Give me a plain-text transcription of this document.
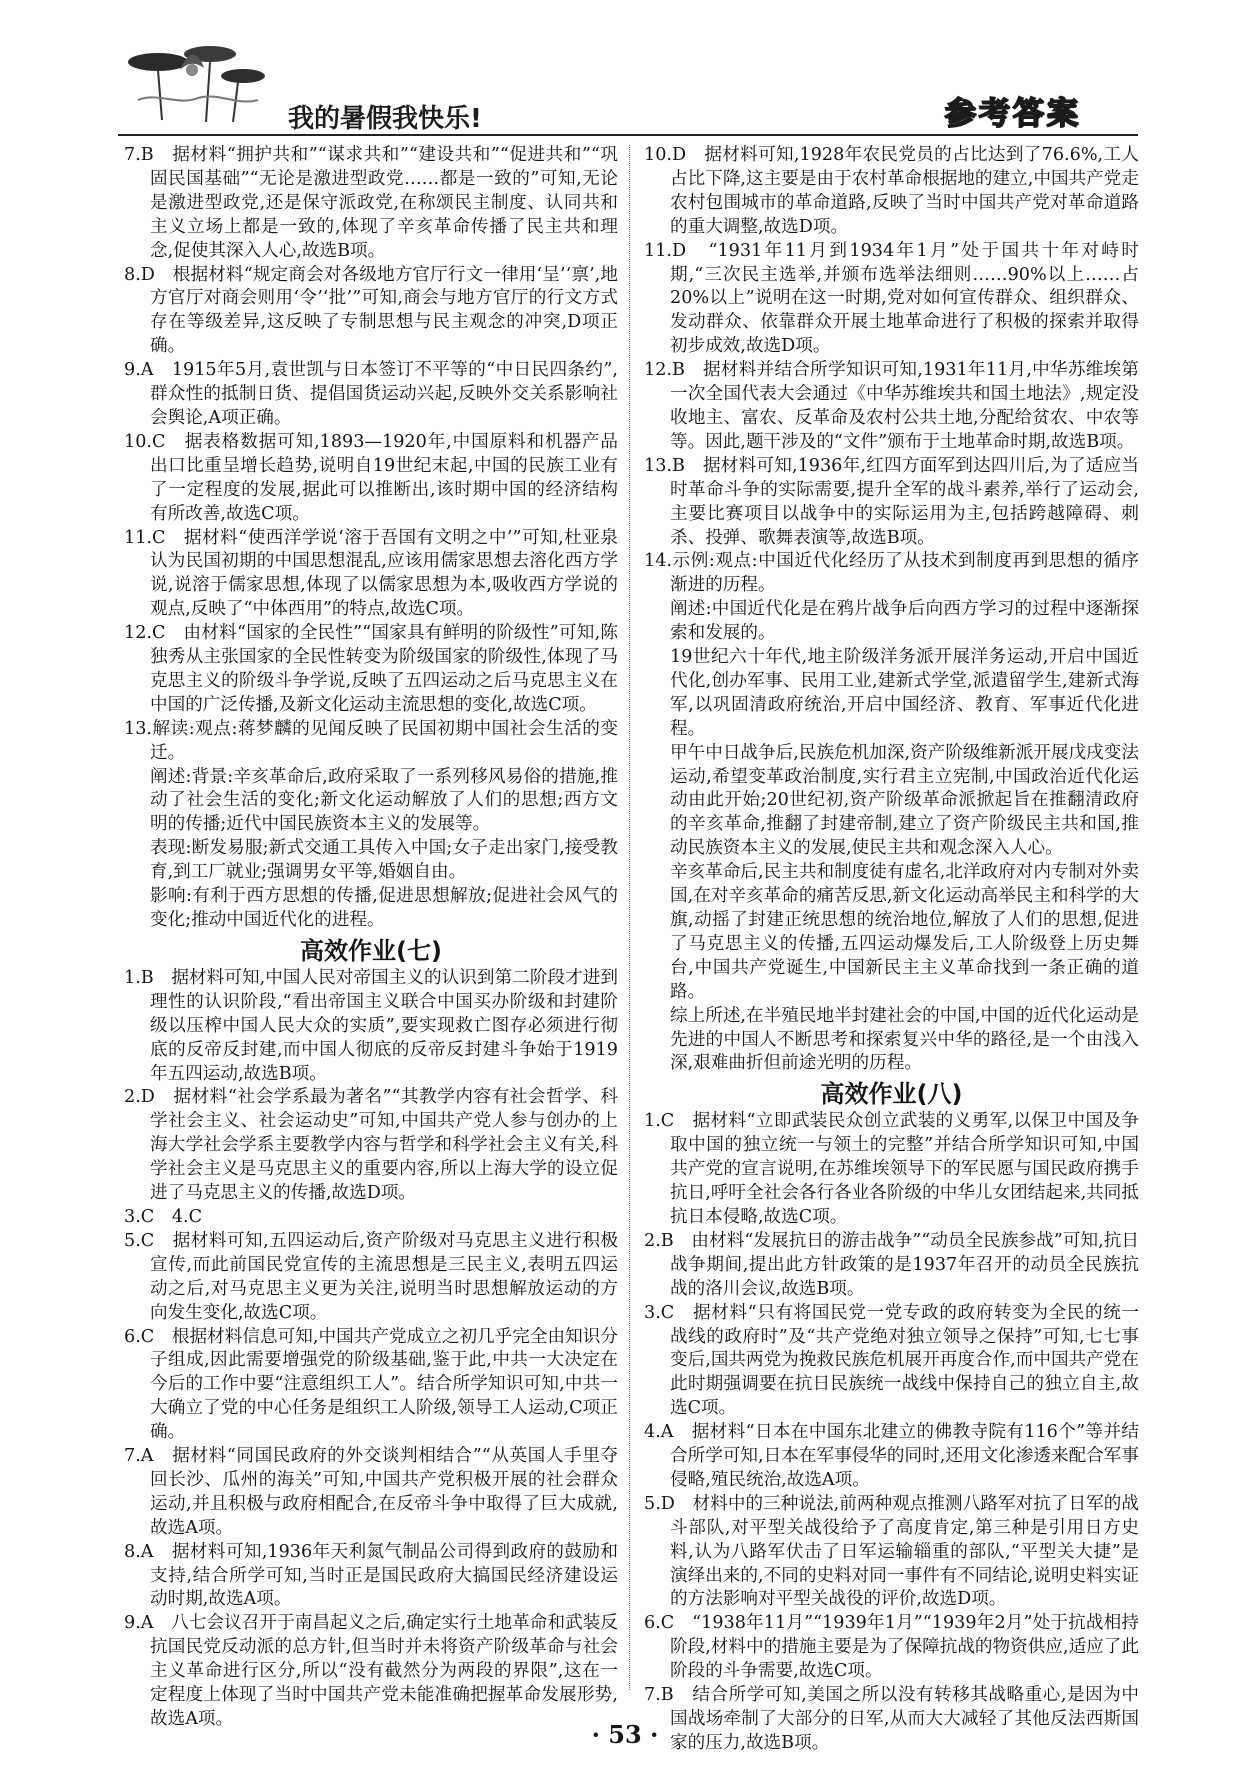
我的暑假我快乐!	参考答案

7.B　据材料“拥护共和”“谋求共和”“建设共和”“促进共和”“巩固民国基础”“无论是激进型政党……都是一致的”可知,无论是激进型政党,还是保守派政党,在称颂民主制度、认同共和主义立场上都是一致的,体现了辛亥革命传播了民主共和理念,促使其深入人心,故选B项。

8.D　根据材料“规定商会对各级地方官厅行文一律用‘呈’‘禀’,地方官厅对商会则用‘令’‘批’”可知,商会与地方官厅的行文方式存在等级差异,这反映了专制思想与民主观念的冲突,D项正确。

9.A　1915年5月,袁世凯与日本签订不平等的“中日民四条约”,群众性的抵制日货、提倡国货运动兴起,反映外交关系影响社会舆论,A项正确。

10.C　据表格数据可知,1893—1920年,中国原料和机器产品出口比重呈增长趋势,说明自19世纪末起,中国的民族工业有了一定程度的发展,据此可以推断出,该时期中国的经济结构有所改善,故选C项。

11.C　据材料“使西洋学说‘溶于吾国有文明之中’”可知,杜亚泉认为民国初期的中国思想混乱,应该用儒家思想去溶化西方学说,说溶于儒家思想,体现了以儒家思想为本,吸收西方学说的观点,反映了“中体西用”的特点,故选C项。

12.C　由材料“国家的全民性”“国家具有鲜明的阶级性”可知,陈独秀从主张国家的全民性转变为阶级国家的阶级性,体现了马克思主义的阶级斗争学说,反映了五四运动之后马克思主义在中国的广泛传播,及新文化运动主流思想的变化,故选C项。

13.解读:观点:蒋梦麟的见闻反映了民国初期中国社会生活的变迁。

阐述:背景:辛亥革命后,政府采取了一系列移风易俗的措施,推动了社会生活的变化;新文化运动解放了人们的思想;西方文明的传播;近代中国民族资本主义的发展等。

表现:断发易服;新式交通工具传入中国;女子走出家门,接受教育,到工厂就业;强调男女平等,婚姻自由。

影响:有利于西方思想的传播,促进思想解放;促进社会风气的变化;推动中国近代化的进程。

高效作业(七)

1.B　据材料可知,中国人民对帝国主义的认识到第二阶段才进到理性的认识阶段,“看出帝国主义联合中国买办阶级和封建阶级以压榨中国人民大众的实质”,要实现救亡图存必须进行彻底的反帝反封建,而中国人彻底的反帝反封建斗争始于1919年五四运动,故选B项。

2.D　据材料“社会学系最为著名”“其教学内容有社会哲学、科学社会主义、社会运动史”可知,中国共产党人参与创办的上海大学社会学系主要教学内容与哲学和科学社会主义有关,科学社会主义是马克思主义的重要内容,所以上海大学的设立促进了马克思主义的传播,故选D项。

3.C　4.C

5.C　据材料可知,五四运动后,资产阶级对马克思主义进行积极宣传,而此前国民党宣传的主流思想是三民主义,表明五四运动之后,对马克思主义更为关注,说明当时思想解放运动的方向发生变化,故选C项。

6.C　根据材料信息可知,中国共产党成立之初几乎完全由知识分子组成,因此需要增强党的阶级基础,鉴于此,中共一大决定在今后的工作中要“注意组织工人”。结合所学知识可知,中共一大确立了党的中心任务是组织工人阶级,领导工人运动,C项正确。

7.A　据材料“同国民政府的外交谈判相结合”“从英国人手里夺回长沙、瓜州的海关”可知,中国共产党积极开展的社会群众运动,并且积极与政府相配合,在反帝斗争中取得了巨大成就,故选A项。

8.A　据材料可知,1936年天利氮气制品公司得到政府的鼓励和支持,结合所学可知,当时正是国民政府大搞国民经济建设运动时期,故选A项。

9.A　八七会议召开于南昌起义之后,确定实行土地革命和武装反抗国民党反动派的总方针,但当时并未将资产阶级革命与社会主义革命进行区分,所以“没有截然分为两段的界限”,这在一定程度上体现了当时中国共产党未能准确把握革命发展形势,故选A项。

10.D　据材料可知,1928年农民党员的占比达到了76.6%,工人占比下降,这主要是由于农村革命根据地的建立,中国共产党走农村包围城市的革命道路,反映了当时中国共产党对革命道路的重大调整,故选D项。

11.D　“1931年11月到1934年1月”处于国共十年对峙时期,“三次民主选举,并颁布选举法细则……90%以上……占20%以上”说明在这一时期,党对如何宣传群众、组织群众、发动群众、依靠群众开展土地革命进行了积极的探索并取得初步成效,故选D项。

12.B　据材料并结合所学知识可知,1931年11月,中华苏维埃第一次全国代表大会通过《中华苏维埃共和国土地法》,规定没收地主、富农、反革命及农村公共土地,分配给贫农、中农等等。因此,题干涉及的“文件”颁布于土地革命时期,故选B项。

13.B　据材料可知,1936年,红四方面军到达四川后,为了适应当时革命斗争的实际需要,提升全军的战斗素养,举行了运动会,主要比赛项目以战争中的实际运用为主,包括跨越障碍、刺杀、投弹、歌舞表演等,故选B项。

14.示例:观点:中国近代化经历了从技术到制度再到思想的循序渐进的历程。

阐述:中国近代化是在鸦片战争后向西方学习的过程中逐渐探索和发展的。

19世纪六十年代,地主阶级洋务派开展洋务运动,开启中国近代化,创办军事、民用工业,建新式学堂,派遣留学生,建新式海军,以巩固清政府统治,开启中国经济、教育、军事近代化进程。

甲午中日战争后,民族危机加深,资产阶级维新派开展戊戌变法运动,希望变革政治制度,实行君主立宪制,中国政治近代化运动由此开始;20世纪初,资产阶级革命派掀起旨在推翻清政府的辛亥革命,推翻了封建帝制,建立了资产阶级民主共和国,推动民族资本主义的发展,使民主共和观念深入人心。

辛亥革命后,民主共和制度徒有虚名,北洋政府对内专制对外卖国,在对辛亥革命的痛苦反思,新文化运动高举民主和科学的大旗,动摇了封建正统思想的统治地位,解放了人们的思想,促进了马克思主义的传播,五四运动爆发后,工人阶级登上历史舞台,中国共产党诞生,中国新民主主义革命找到一条正确的道路。

综上所述,在半殖民地半封建社会的中国,中国的近代化运动是先进的中国人不断思考和探索复兴中华的路径,是一个由浅入深,艰难曲折但前途光明的历程。

高效作业(八)

1.C　据材料“立即武装民众创立武装的义勇军,以保卫中国及争取中国的独立统一与领土的完整”并结合所学知识可知,中国共产党的宣言说明,在苏维埃领导下的军民愿与国民政府携手抗日,呼吁全社会各行各业各阶级的中华儿女团结起来,共同抵抗日本侵略,故选C项。

2.B　由材料“发展抗日的游击战争”“动员全民族参战”可知,抗日战争期间,提出此方针政策的是1937年召开的动员全民族抗战的洛川会议,故选B项。

3.C　据材料“只有将国民党一党专政的政府转变为全民的统一战线的政府时”及“共产党绝对独立领导之保持”可知,七七事变后,国共两党为挽救民族危机展开再度合作,而中国共产党在此时期强调要在抗日民族统一战线中保持自己的独立自主,故选C项。

4.A　据材料“日本在中国东北建立的佛教寺院有116个”等并结合所学可知,日本在军事侵华的同时,还用文化渗透来配合军事侵略,殖民统治,故选A项。

5.D　材料中的三种说法,前两种观点推测八路军对抗了日军的战斗部队,对平型关战役给予了高度肯定,第三种是引用日方史料,认为八路军伏击了日军运输辎重的部队,“平型关大捷”是演绎出来的,不同的史料对同一事件有不同结论,说明史料实证的方法影响对平型关战役的评价,故选D项。

6.C　“1938年11月”“1939年1月”“1939年2月”处于抗战相持阶段,材料中的措施主要是为了保障抗战的物资供应,适应了此阶段的斗争需要,故选C项。

7.B　结合所学可知,美国之所以没有转移其战略重心,是因为中国战场牵制了大部分的日军,从而大大减轻了其他反法西斯国家的压力,故选B项。

· 53 ·
